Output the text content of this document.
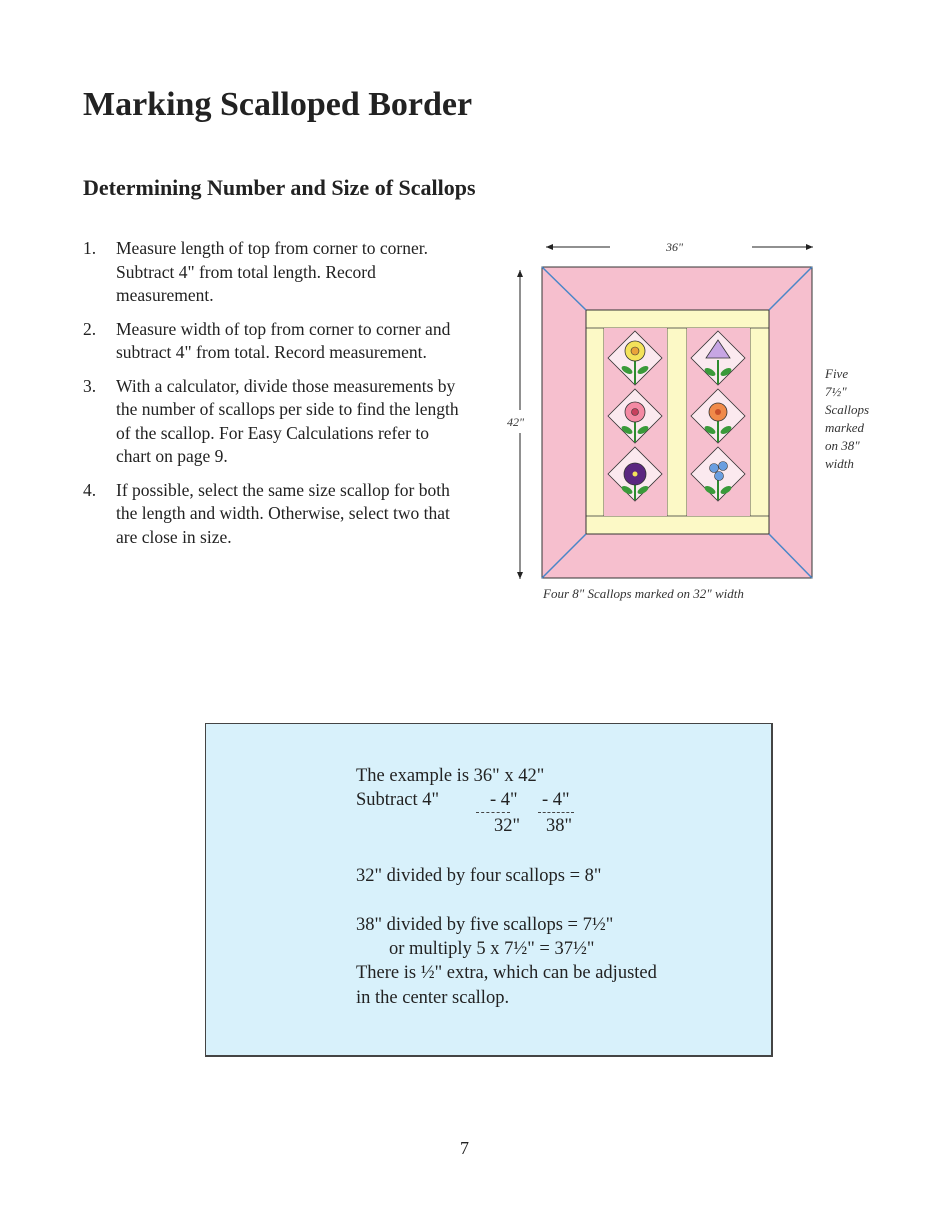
Marking Scalloped Border
Determining Number and Size of Scallops
1. Measure length of top from corner to corner. Subtract 4" from total length. Record measurement.
2. Measure width of top from corner to corner and subtract 4" from total. Record measurement.
3. With a calculator, divide those measurements by the number of scallops per side to find the length of the scallop. For Easy Calculations refer to chart on page 9.
4. If possible, select the same size scallop for both the length and width. Otherwise, select two that are close in size.
36"
42"
Five
7½"
Scallops
marked
on 38"
width
Four 8" Scallops marked on 32" width
The example is 36" x 42"
Subtract 4"	- 4" - 4"
32" 38"
32" divided by four scallops = 8"
38" divided by five scallops = 7½"
or multiply 5 x 7½" = 37½"
There is ½" extra, which can be adjusted
in the center scallop.
7
